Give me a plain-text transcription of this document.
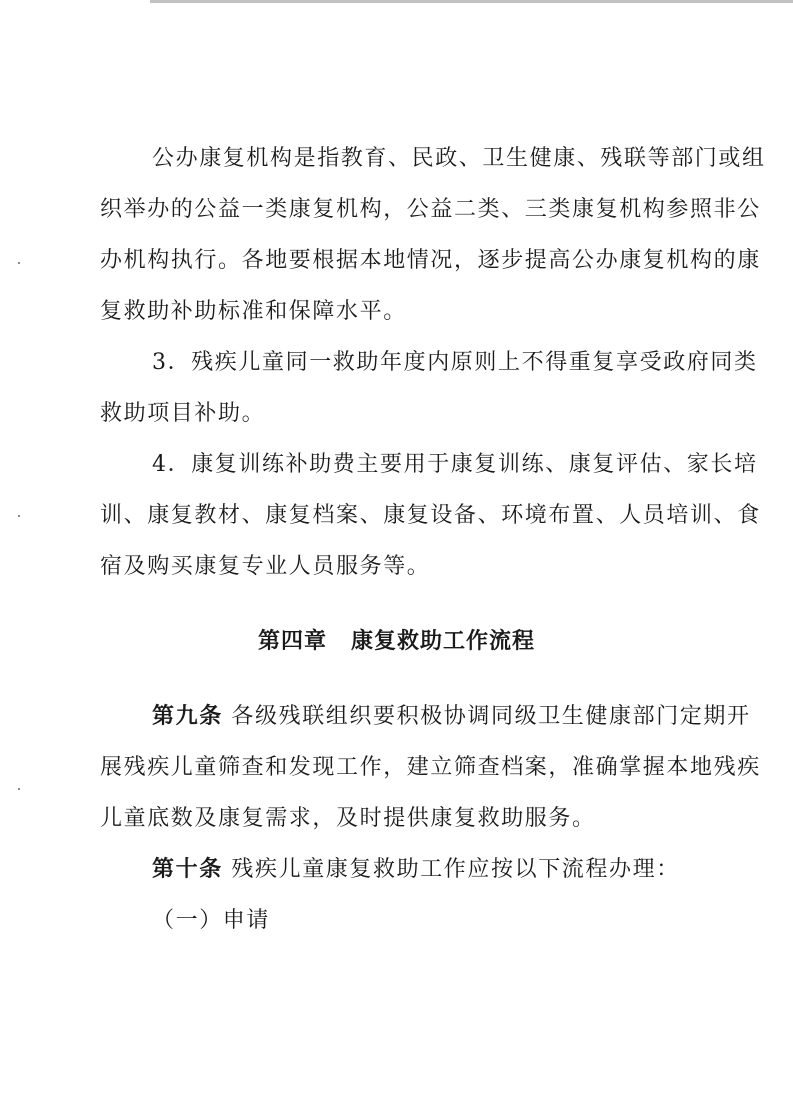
公办康复机构是指教育、民政、卫生健康、残联等部门或组
织举办的公益一类康复机构，公益二类、三类康复机构参照非公
办机构执行。各地要根据本地情况，逐步提高公办康复机构的康
复救助补助标准和保障水平。
3．残疾儿童同一救助年度内原则上不得重复享受政府同类
救助项目补助。
4．康复训练补助费主要用于康复训练、康复评估、家长培
训、康复教材、康复档案、康复设备、环境布置、人员培训、食
宿及购买康复专业人员服务等。
第四章 康复救助工作流程
第九条 各级残联组织要积极协调同级卫生健康部门定期开
展残疾儿童筛查和发现工作，建立筛查档案，准确掌握本地残疾
儿童底数及康复需求，及时提供康复救助服务。
第十条 残疾儿童康复救助工作应按以下流程办理：
（一）申请
